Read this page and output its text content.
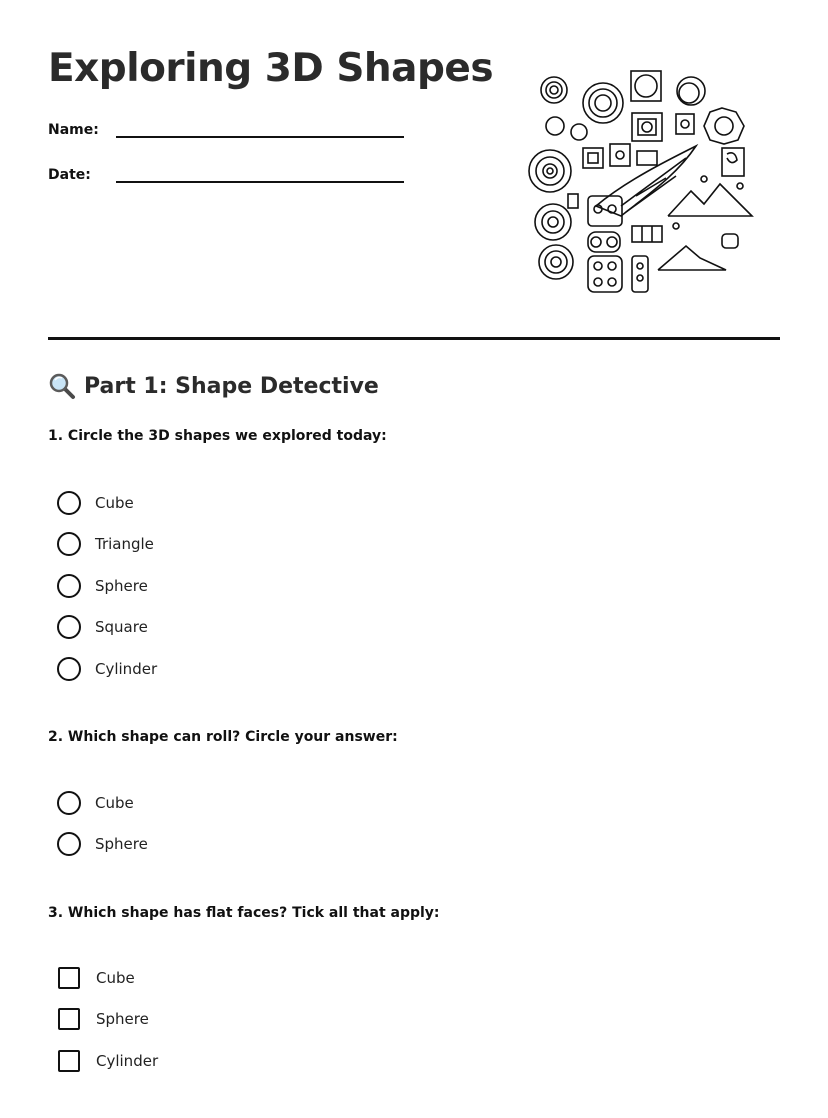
Exploring 3D Shapes
Name:
Date:
Part 1: Shape Detective

1. Circle the 3D shapes we explored today:

Cube
Triangle
Sphere
Square
Cylinder

2. Which shape can roll? Circle your answer:

Cube
Sphere

3. Which shape has flat faces? Tick all that apply:

Cube
Sphere
Cylinder
